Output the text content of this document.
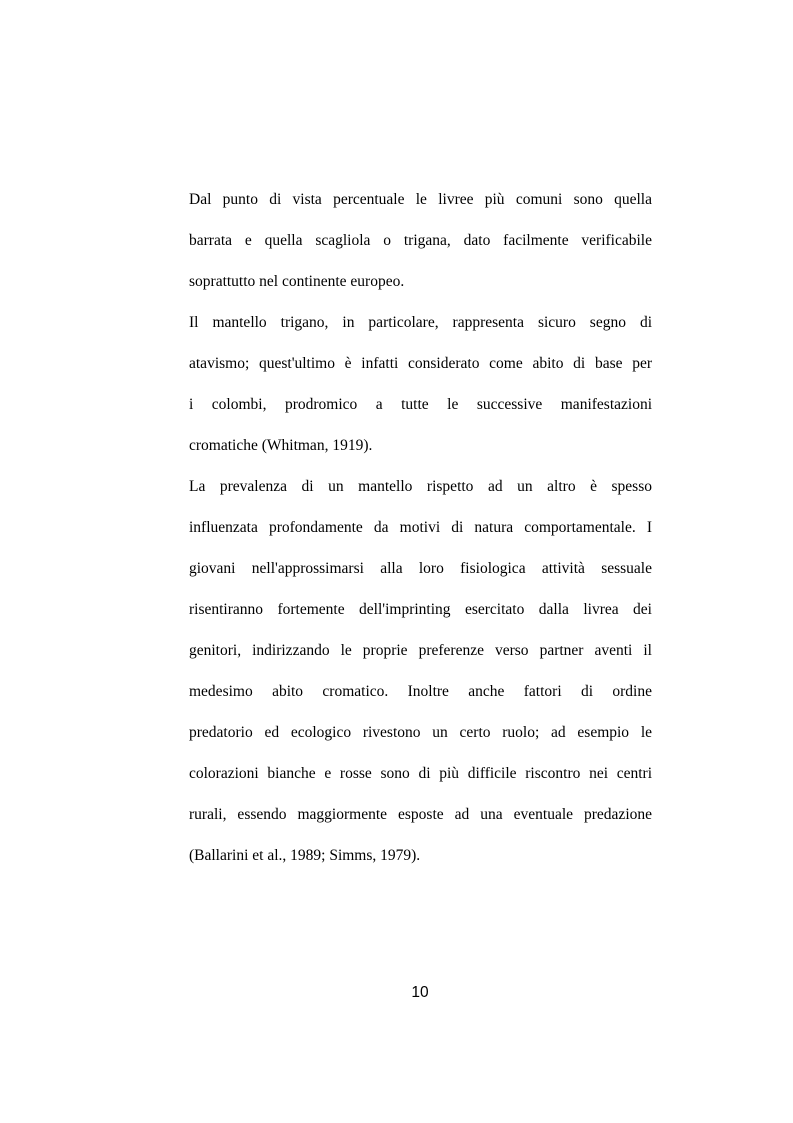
Dal punto di vista percentuale le livree più comuni sono quella

barrata e quella scagliola o trigana, dato facilmente verificabile

soprattutto nel continente europeo.

Il mantello trigano, in particolare, rappresenta sicuro segno di

atavismo; quest'ultimo è infatti considerato come abito di base per

i colombi, prodromico a tutte le successive manifestazioni

cromatiche (Whitman, 1919).

La prevalenza di un mantello rispetto ad un altro è spesso

influenzata profondamente da motivi di natura comportamentale. I

giovani nell'approssimarsi alla loro fisiologica attività sessuale

risentiranno fortemente dell'imprinting esercitato dalla livrea dei

genitori, indirizzando le proprie preferenze verso partner aventi il

medesimo abito cromatico. Inoltre anche fattori di ordine

predatorio ed ecologico rivestono un certo ruolo; ad esempio le

colorazioni bianche e rosse sono di più difficile riscontro nei centri

rurali, essendo maggiormente esposte ad una eventuale predazione

(Ballarini et al., 1989; Simms, 1979).

10
